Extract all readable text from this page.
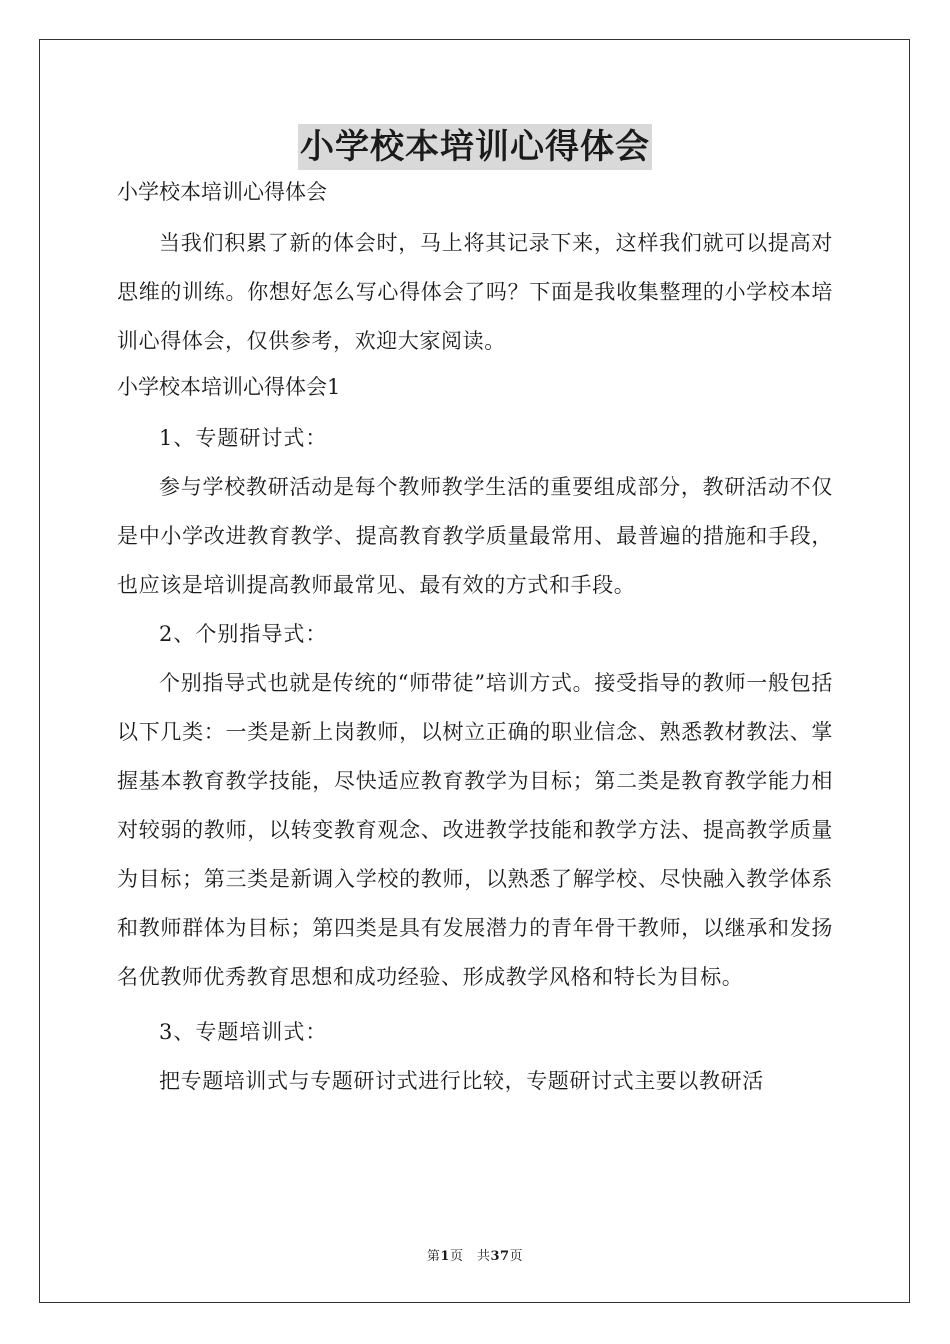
小学校本培训心得体会
小学校本培训心得体会
当我们积累了新的体会时，马上将其记录下来，这样我们就可以提高对思维的训练。你想好怎么写心得体会了吗？下面是我收集整理的小学校本培训心得体会，仅供参考，欢迎大家阅读。
小学校本培训心得体会1
1、专题研讨式：
参与学校教研活动是每个教师教学生活的重要组成部分，教研活动不仅是中小学改进教育教学、提高教育教学质量最常用、最普遍的措施和手段，也应该是培训提高教师最常见、最有效的方式和手段。
2、个别指导式：
个别指导式也就是传统的“师带徒”培训方式。接受指导的教师一般包括以下几类：一类是新上岗教师，以树立正确的职业信念、熟悉教材教法、掌握基本教育教学技能，尽快适应教育教学为目标；第二类是教育教学能力相对较弱的教师，以转变教育观念、改进教学技能和教学方法、提高教学质量为目标；第三类是新调入学校的教师，以熟悉了解学校、尽快融入教学体系和教师群体为目标；第四类是具有发展潜力的青年骨干教师，以继承和发扬名优教师优秀教育思想和成功经验、形成教学风格和特长为目标。
3、专题培训式：
把专题培训式与专题研讨式进行比较，专题研讨式主要以教研活
第1页　共37页
